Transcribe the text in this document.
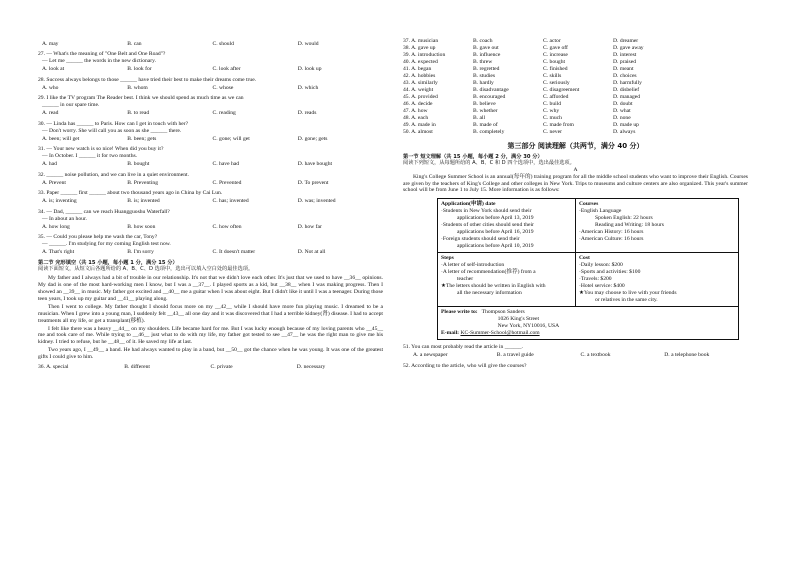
A. may	B. can	C. should	D. would
27. — What's the meaning of "One Belt and One Road"?
— Let me ______ the words in the new dictionary.
A. look at	B. look for	C. look after	D. look up
28. Success always belongs to those ______ have tried their best to make their dreams come true.
A. who	B. whom	C. whose	D. which
29. I like the TV program The Reader best. I think we should spend as much time as we can
______ in our spare time.
A. read	B. to read	C. reading	D. reads
30. — Linda has ______ to Paris. How can I get in touch with her?
— Don't worry. She will call you as soon as she ______ there.
A. been; will get	B. been; gets	C. gone; will get	D. gone; gets
31. — Your new watch is so nice! When did you buy it?
— In October. I ______ it for two months.
A. had	B. bought	C. have had	D. have bought
32. ______ noise pollution, and we can live in a quiet environment.
A. Prevent	B. Preventing	C. Prevented	D. To prevent
33. Paper ______ first ______ about two thousand years ago in China by Cai Lun.
A. is; inventing	B. is; invented	C. has; invented	D. was; invented
34. — Dad, ______ can we reach Huangguoshu Waterfall?
— In about an hour.
A. how long	B. how soon	C. how often	D. how far
35. — Could you please help me wash the car, Tony?
— ______. I'm studying for my coming English test now.
A. That's right	B. I'm sorry	C. It doesn't matter	D. Not at all
第二节 完形填空（共 15 小题，每小题 1 分，满分 15 分）
阅读下面短文，从短文后各题所给的 A、B、C、D 选项中，选出可以填入空白处的最佳选项。
My father and I always had a bit of trouble in our relationship. It's not that we didn't love each other. It's just that we used to have __36__ opinions. My dad is one of the most hard-working men I know, but I was a __37__. I played sports as a kid, but __38__ when I was making progress. Then I showed an __39__ in music. My father got excited and __40__ me a guitar when I was about eight. But I didn't like it until I was a teenager. During those teen years, I took up my guitar and __41__ playing along.
Then I went to college. My father thought I should focus more on my __42__ while I should have more fun playing music. I dreamed to be a musician. When I grew into a young man, I suddenly felt __43__ all one day and it was discovered that I had a terrible kidney(肾) disease. I had to accept treatments all my life, or get a transplant(移植).
I felt like there was a heavy __44__ on my shoulders. Life became hard for me. But I was lucky enough because of my loving parents who __45__ me and took care of me. While trying to __46__ just what to do with my life, my father got tested to see __47__ he was the right man to give me his kidney. I tried to refuse, but he __48__ of it. He saved my life at last.
Two years ago, I __49__ a band. He had always wanted to play in a band, but __50__ got the chance when he was young. It was one of the greatest gifts I could give to him.
36. A. special	B. different	C. private	D. necessary
37. A. musician	B. coach	C. actor	D. dreamer
38. A. gave up	B. gave out	C. gave off	D. gave away
39. A. introduction	B. influence	C. increase	D. interest
40. A. expected	B. threw	C. bought	D. praised
41. A. began	B. regretted	C. finished	D. meant
42. A. hobbies	B. studies	C. skills	D. choices
43. A. similarly	B. hardly	C. seriously	D. harmfully
44. A. weight	B. disadvantage	C. disagreement	D. disbelief
45. A. provided	B. encouraged	C. afforded	D. managed
46. A. decide	B. believe	C. build	D. doubt
47. A. how	B. whether	C. why	D. what
48. A. each	B. all	C. much	D. none
49. A. made in	B. made of	C. made from	D. made up
50. A. almost	B. completely	C. never	D. always
第三部分 阅读理解（共两节，满分 40 分）
第一节 短文理解（共 15 小题，每小题 2 分，满分 30 分）
阅读下列短文，从每题所给的 A、B、C 和 D 四个选项中，选出最佳选项。
A
King's College Summer School is an annual(每年的) training program for all the middle school students who want to improve their English. Courses are given by the teachers of King's College and other colleges in New York. Trips to museums and culture centers are also organized. This year's summer school will be from June 1 to July 15. More information is as follows:
Application(申请) date
·Students in New York should send their
applications before April 13, 2019
·Students of other cities should send their
applications before April 16, 2019
·Foreign students should send their
applications before April 10, 2019
Courses
·English Language
Spoken English: 22 hours
Reading and Writing: 18 hours
·American History: 16 hours
·American Culture: 16 hours
Steps
·A letter of self-introduction
·A letter of recommendation(推荐) from a
teacher
★The letters should be written in English with
all the necessary information
Cost
·Daily lesson: $200
·Sports and activities: $100
·Travels: $200
·Hotel service: $400
★You may choose to live with your friends
or relatives in the same city.
Please write to: Thompson Sanders
1026 King's Street
New York, NY10016, USA
E-mail: KC-Summer-School@hotmail.com
51. You can most probably read the article in ______.
A. a newspaper	B. a travel guide	C. a textbook	D. a telephone book
52. According to the article, who will give the courses?
